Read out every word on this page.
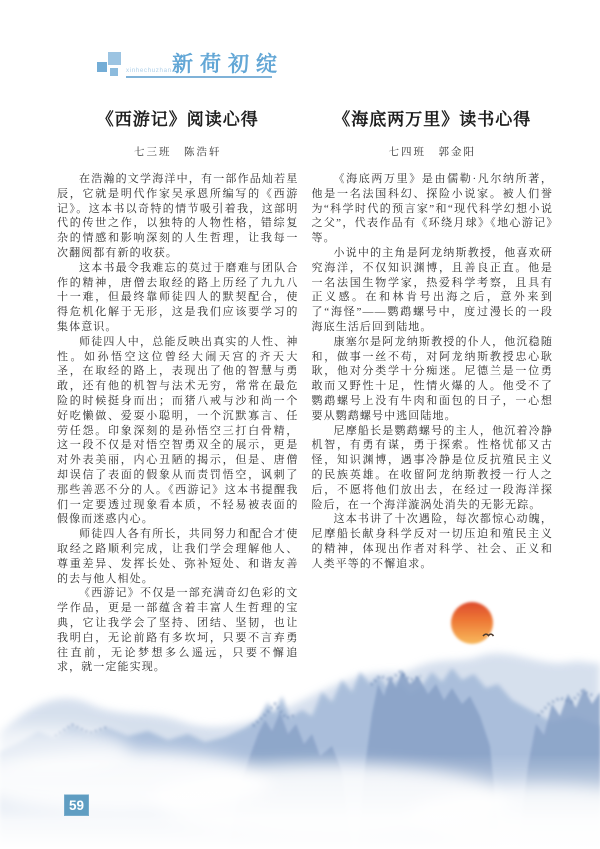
xinhechuzhan 新荷初绽
《西游记》阅读心得

七三班　陈浩轩

在浩瀚的文学海洋中，有一部作品灿若星辰，它就是明代作家吴承恩所编写的《西游记》。这本书以奇特的情节吸引着我，这部明代的传世之作，以独特的人物性格，错综复杂的情感和影响深刻的人生哲理，让我每一次翻阅都有新的收获。

这本书最令我难忘的莫过于磨难与团队合作的精神，唐僧去取经的路上历经了九九八十一难，但最终靠师徒四人的默契配合，使得危机化解于无形，这是我们应该要学习的集体意识。

师徒四人中，总能反映出真实的人性、神性。如孙悟空这位曾经大闹天宫的齐天大圣，在取经的路上，表现出了他的智慧与勇敢，还有他的机智与法术无穷，常常在最危险的时候挺身而出；而猪八戒与沙和尚一个好吃懒做、爱耍小聪明，一个沉默寡言、任劳任怨。印象深刻的是孙悟空三打白骨精，这一段不仅是对悟空智勇双全的展示，更是对外表美丽，内心丑陋的揭示，但是、唐僧却误信了表面的假象从而责罚悟空，讽刺了那些善恶不分的人。《西游记》这本书提醒我们一定要透过现象看本质，不轻易被表面的假像而迷惑内心。

师徒四人各有所长，共同努力和配合才使取经之路顺利完成，让我们学会理解他人、尊重差异、发挥长处、弥补短处、和谐友善的去与他人相处。

《西游记》不仅是一部充满奇幻色彩的文学作品，更是一部蕴含着丰富人生哲理的宝典，它让我学会了坚持、团结、坚韧，也让我明白，无论前路有多坎坷，只要不言弃勇往直前，无论梦想多么遥远，只要不懈追求，就一定能实现。

《海底两万里》读书心得

七四班　郭金阳

《海底两万里》是由儒勒·凡尔纳所著，他是一名法国科幻、探险小说家。被人们誉为“科学时代的预言家”和“现代科学幻想小说之父”，代表作品有《环绕月球》《地心游记》等。

小说中的主角是阿龙纳斯教授，他喜欢研究海洋，不仅知识渊博，且善良正直。他是一名法国生物学家，热爱科学考察，且具有正义感。在和林肯号出海之后，意外来到了“海怪”——鹦鹉螺号中，度过漫长的一段海底生活后回到陆地。

康塞尔是阿龙纳斯教授的仆人，他沉稳随和，做事一丝不苟，对阿龙纳斯教授忠心耿耿，他对分类学十分痴迷。尼德兰是一位勇敢而又野性十足，性情火爆的人。他受不了鹦鹉螺号上没有牛肉和面包的日子，一心想要从鹦鹉螺号中逃回陆地。

尼摩船长是鹦鹉螺号的主人，他沉着冷静机智，有勇有谋，勇于探索。性格忧郁又古怪，知识渊博，遇事冷静是位反抗殖民主义的民族英雄。在收留阿龙纳斯教授一行人之后，不愿将他们放出去，在经过一段海洋探险后，在一个海洋漩涡处消失的无影无踪。

这本书讲了十次遇险，每次都惊心动魄，尼摩船长献身科学反对一切压迫和殖民主义的精神，体现出作者对科学、社会、正义和人类平等的不懈追求。

59
